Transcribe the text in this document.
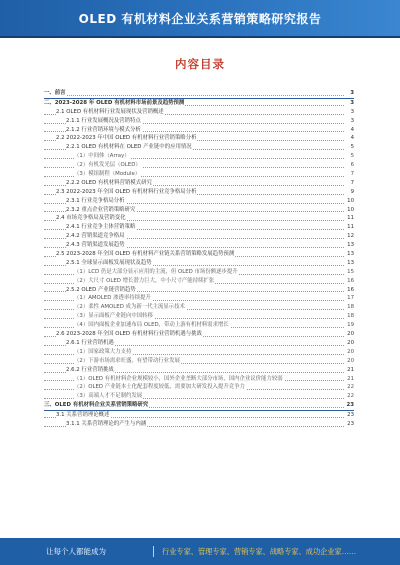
OLED 有机材料企业关系营销策略研究报告
内容目录
一、前言	3
二、2023-2028 年 OLED 有机材料市场前景及趋势预测	3
2.1 OLED 有机材料行业发展现状及营销概述	3
2.1.1 行业发展概况及营销特点	3
2.1.2 行业营销环境与模式分析	4
2.2 2022-2023 年中国 OLED 有机材料行业营销策略分析	4
2.2.1 OLED 有机材料在 OLED 产业链中的应用情况	5
（1）中间体（Array）	5
（2）有机发光层（OLED）	6
（3）模组制程（Module）	7
2.2.2 OLED 有机材料营销模式研究	7
2.3 2022-2023 年全国 OLED 有机材料行业竞争格局分析	9
2.3.1 行业竞争格局分析	10
2.3.2 重点企业营销策略研究	10
2.4 市场竞争格局及营销变化	11
2.4.1 行业竞争主体营销策略	11
2.4.2 营销渠道竞争格局	12
2.4.3 营销渠道发展趋势	13
2.5 2023-2028 年全国 OLED 有机材料产业链关系营销策略发展趋势预测	13
2.5.1 全球显示面板发展现状及趋势	13
（1）LCD 仍是大部分显示应用的主流，但 OLED 市场份额逐步提升	15
（2）大尺寸 OLED 增长潜力巨大，中小尺寸产能持续扩张	16
2.5.2 OLED 产业链营销趋势	16
（1）AMOLED 渗透率持续提升	17
（2）柔性 AMOLED 成为新一代主流显示技术	18
（3）显示面板产业链向中国转移	18
（4）国内面板企业加速布局 OLED，带动上游有机材料需求增长	19
2.6 2023-2028 年全国 OLED 有机材料行业营销机遇与挑战	20
2.6.1 行业营销机遇	20
（1）国家政策大力支持	20
（2）下游市场需求旺盛，有望带动行业发展	20
2.6.2 行业营销挑战	21
（1）OLED 有机材料企业规模较小，国外企业垄断大部分市场，国内企业议价能力较弱	21
（2）OLED 产业链本土化配套程度较低，需要加大研发投入提升竞争力	22
（3）高端人才不足制约发展	22
三、OLED 有机材料企业关系营销策略研究	23
3.1 关系营销理论概述	23
3.1.1 关系营销理论的产生与内涵	23
让每个人都能成为	行业专家、管理专家、营销专家、战略专家、成功企业家……
